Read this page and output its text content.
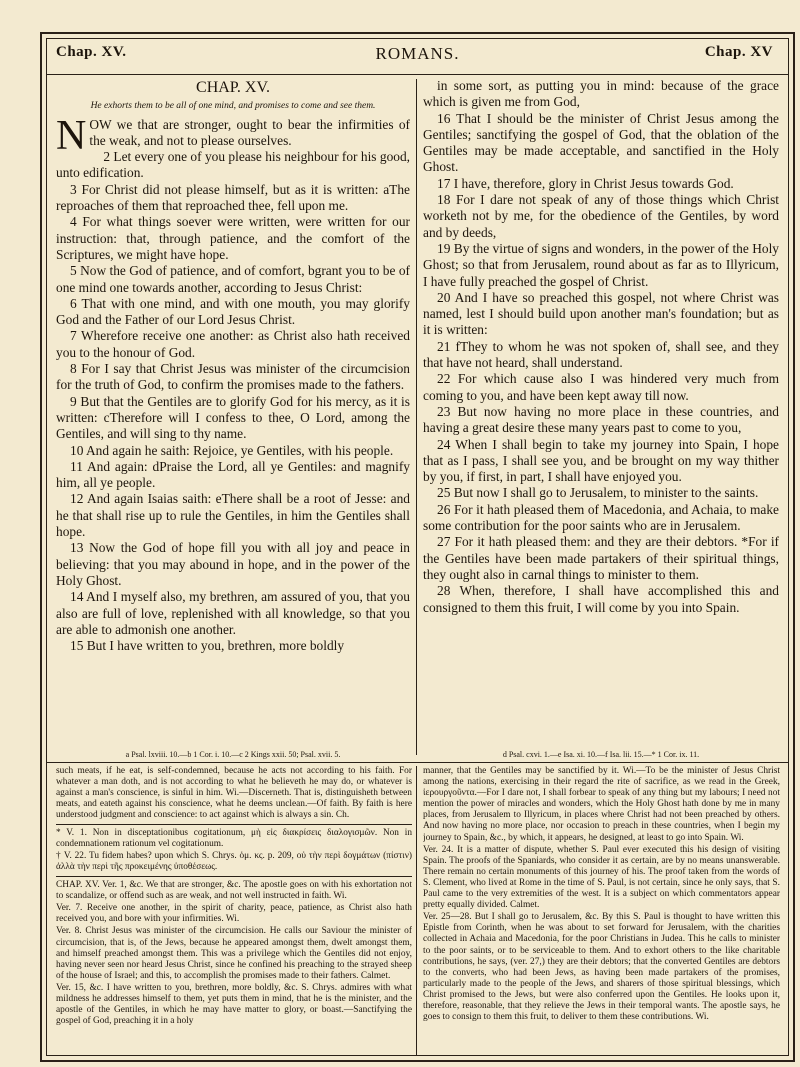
Chap. XV.	ROMANS.	Chap. XV
CHAP. XV.
He exhorts them to be all of one mind, and promises to come and see them.

NOW we that are stronger, ought to bear the infirmities of the weak, and not to please ourselves.

2 Let every one of you please his neighbour for his good, unto edification.

3 For Christ did not please himself, but as it is written: aThe reproaches of them that reproached thee, fell upon me.

4 For what things soever were written, were written for our instruction: that, through patience, and the comfort of the Scriptures, we might have hope.

5 Now the God of patience, and of comfort, bgrant you to be of one mind one towards another, according to Jesus Christ:

6 That with one mind, and with one mouth, you may glorify God and the Father of our Lord Jesus Christ.

7 Wherefore receive one another: as Christ also hath received you to the honour of God.

8 For I say that Christ Jesus was minister of the circumcision for the truth of God, to confirm the promises made to the fathers.

9 But that the Gentiles are to glorify God for his mercy, as it is written: cTherefore will I confess to thee, O Lord, among the Gentiles, and will sing to thy name.

10 And again he saith: Rejoice, ye Gentiles, with his people.

11 And again: dPraise the Lord, all ye Gentiles: and magnify him, all ye people.

12 And again Isaias saith: eThere shall be a root of Jesse: and he that shall rise up to rule the Gentiles, in him the Gentiles shall hope.

13 Now the God of hope fill you with all joy and peace in believing: that you may abound in hope, and in the power of the Holy Ghost.

14 And I myself also, my brethren, am assured of you, that you also are full of love, replenished with all knowledge, so that you are able to admonish one another.

15 But I have written to you, brethren, more boldly

in some sort, as putting you in mind: because of the grace which is given me from God,

16 That I should be the minister of Christ Jesus among the Gentiles; sanctifying the gospel of God, that the oblation of the Gentiles may be made acceptable, and sanctified in the Holy Ghost.

17 I have, therefore, glory in Christ Jesus towards God.

18 For I dare not speak of any of those things which Christ worketh not by me, for the obedience of the Gentiles, by word and by deeds,

19 By the virtue of signs and wonders, in the power of the Holy Ghost; so that from Jerusalem, round about as far as to Illyricum, I have fully preached the gospel of Christ.

20 And I have so preached this gospel, not where Christ was named, lest I should build upon another man's foundation; but as it is written:

21 fThey to whom he was not spoken of, shall see, and they that have not heard, shall understand.

22 For which cause also I was hindered very much from coming to you, and have been kept away till now.

23 But now having no more place in these countries, and having a great desire these many years past to come to you,

24 When I shall begin to take my journey into Spain, I hope that as I pass, I shall see you, and be brought on my way thither by you, if first, in part, I shall have enjoyed you.

25 But now I shall go to Jerusalem, to minister to the saints.

26 For it hath pleased them of Macedonia, and Achaia, to make some contribution for the poor saints who are in Jerusalem.

27 For it hath pleased them: and they are their debtors. *For if the Gentiles have been made partakers of their spiritual things, they ought also in carnal things to minister to them.

28 When, therefore, I shall have accomplished this and consigned to them this fruit, I will come by you into Spain.

a Psal. lxviii. 10.—b 1 Cor. i. 10.—c 2 Kings xxii. 50; Psal. xvii. 5.	d Psal. cxvi. 1.—e Isa. xi. 10.—f Isa. lii. 15.—* 1 Cor. ix. 11.

such meats, if he eat, is self-condemned, because he acts not according to his faith. For whatever a man doth, and is not according to what he believeth he may do, or whatever is against a man's conscience, is sinful in him. Wi.—Discerneth. That is, distinguisheth between meats, and eateth against his conscience, what he deems unclean.—Of faith. By faith is here understood judgment and conscience: to act against which is always a sin. Ch.

* V. 1. Non in disceptationibus cogitationum, μὴ εἰς διακρίσεις διαλογισμῶν. Non in condemnationem rationum vel cogitationum.

† V. 22. Tu fidem habes? upon which S. Chrys. ὁμ. κς. p. 209, οὐ τὴν περὶ δογμάτων (πίστιν) ἀλλὰ τὴν περὶ τῆς προκειμένης ὑποθέσεως.

CHAP. XV. Ver. 1, &c. We that are stronger, &c. The apostle goes on with his exhortation not to scandalize, or offend such as are weak, and not well instructed in faith. Wi.

Ver. 7. Receive one another, in the spirit of charity, peace, patience, as Christ also hath received you, and bore with your infirmities. Wi.

Ver. 8. Christ Jesus was minister of the circumcision. He calls our Saviour the minister of circumcision, that is, of the Jews, because he appeared amongst them, dwelt amongst them, and himself preached amongst them. This was a privilege which the Gentiles did not enjoy, having never seen nor heard Jesus Christ, since he confined his preaching to the strayed sheep of the house of Israel; and this, to accomplish the promises made to their fathers. Calmet.

Ver. 15, &c. I have written to you, brethren, more boldly, &c. S. Chrys. admires with what mildness he addresses himself to them, yet puts them in mind, that he is the minister, and the apostle of the Gentiles, in which he may have matter to glory, or boast.—Sanctifying the gospel of God, preaching it in a holy

manner, that the Gentiles may be sanctified by it. Wi.—To be the minister of Jesus Christ among the nations, exercising in their regard the rite of sacrifice, as we read in the Greek, ἱερουργοῦντα.—For I dare not, I shall forbear to speak of any thing but my labours; I need not mention the power of miracles and wonders, which the Holy Ghost hath done by me in many places, from Jerusalem to Illyricum, in places where Christ had not been preached by others. And now having no more place, nor occasion to preach in these countries, when I begin my journey to Spain, &c., by which, it appears, he designed, at least to go into Spain. Wi.

Ver. 24. It is a matter of dispute, whether S. Paul ever executed this his design of visiting Spain. The proofs of the Spaniards, who consider it as certain, are by no means unanswerable. There remain no certain monuments of this journey of his. The proof taken from the words of S. Clement, who lived at Rome in the time of S. Paul, is not certain, since he only says, that S. Paul came to the very extremities of the west. It is a subject on which commentators appear pretty equally divided. Calmet.

Ver. 25—28. But I shall go to Jerusalem, &c. By this S. Paul is thought to have written this Epistle from Corinth, when he was about to set forward for Jerusalem, with the charities collected in Achaia and Macedonia, for the poor Christians in Judea. This he calls to minister to the poor saints, or to be serviceable to them. And to exhort others to the like charitable contributions, he says, (ver. 27,) they are their debtors; that the converted Gentiles are debtors to the converts, who had been Jews, as having been made partakers of the promises, particularly made to the people of the Jews, and sharers of those spiritual blessings, which Christ promised to the Jews, but were also conferred upon the Gentiles. He looks upon it, therefore, reasonable, that they relieve the Jews in their temporal wants. The apostle says, he goes to consign to them this fruit, to deliver to them these contributions. Wi.
